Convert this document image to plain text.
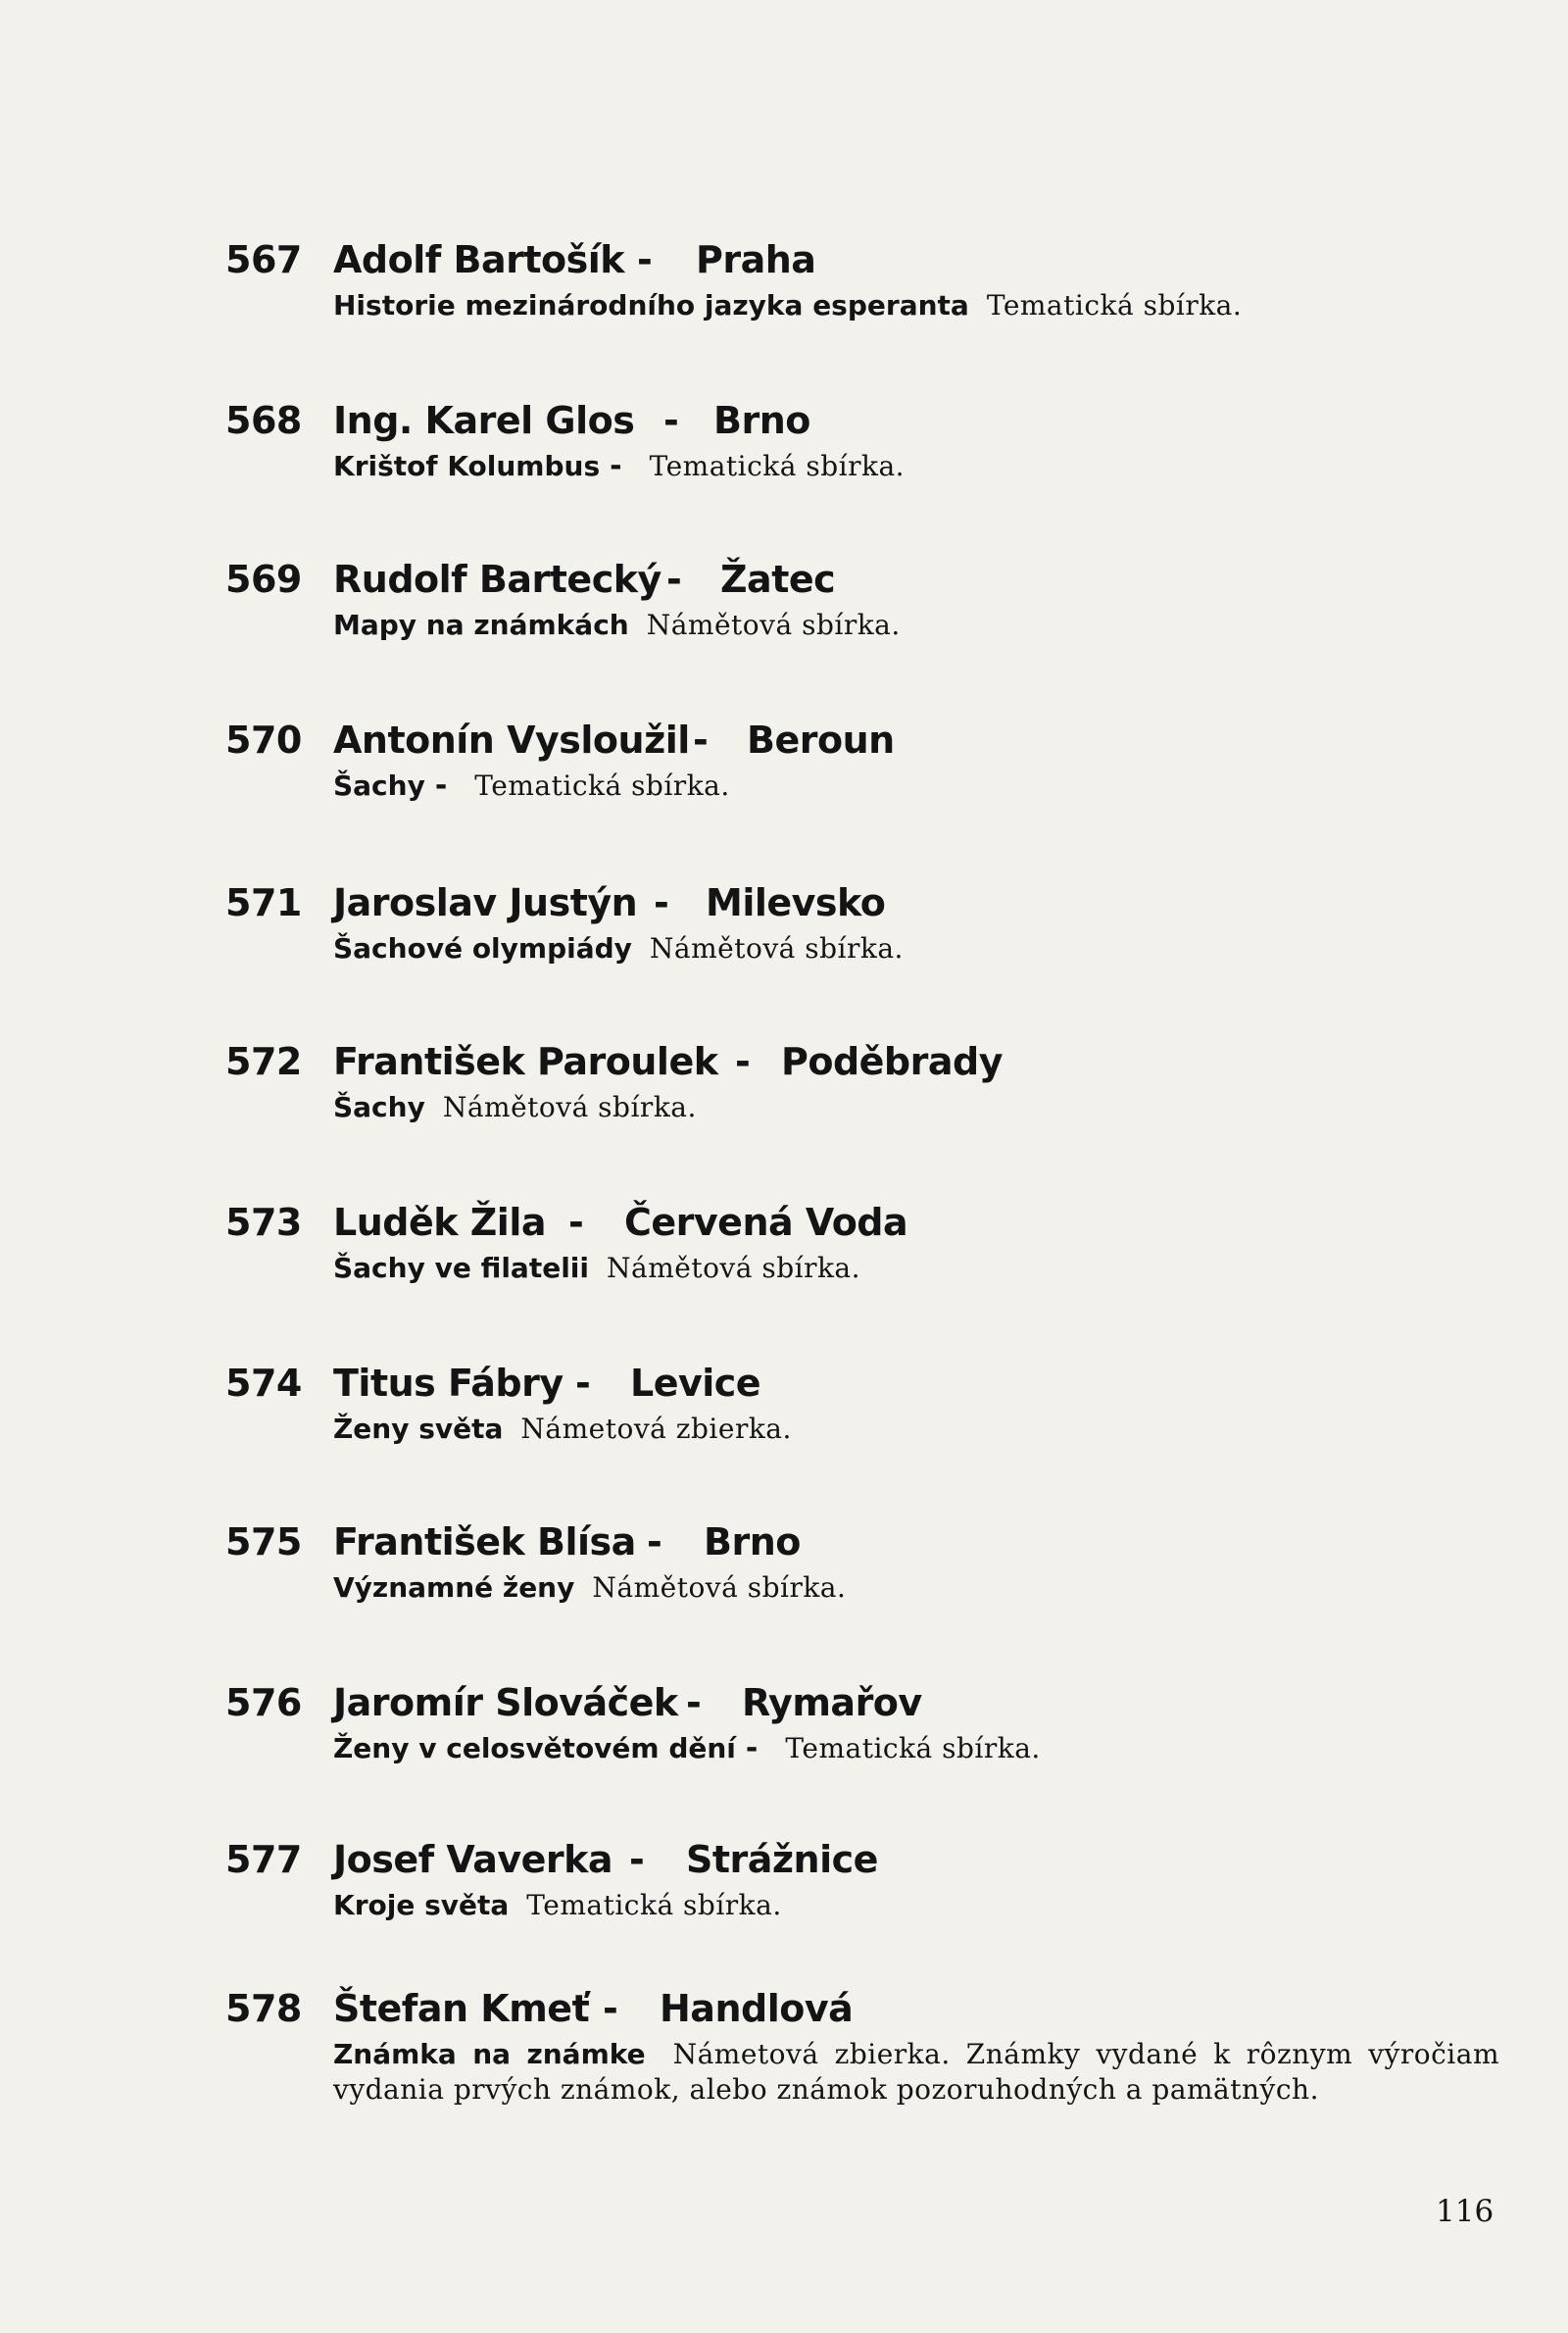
567 Adolf Bartošík - Praha
Historie mezinárodního jazyka esperanta Tematická sbírka.
568 Ing. Karel Glos - Brno
Krištof Kolumbus - Tematická sbírka.
569 Rudolf Bartecký - Žatec
Mapy na známkách Námětová sbírka.
570 Antonín Vysloužil - Beroun
Šachy - Tematická sbírka.
571 Jaroslav Justýn - Milevsko
Šachové olympiády Námětová sbírka.
572 František Paroulek - Poděbrady
Šachy Námětová sbírka.
573 Luděk Žila - Červená Voda
Šachy ve filatelii Námětová sbírka.
574 Titus Fábry - Levice
Ženy světa Námetová zbierka.
575 František Blísa - Brno
Významné ženy Námětová sbírka.
576 Jaromír Slováček - Rymařov
Ženy v celosvětovém dění - Tematická sbírka.
577 Josef Vaverka - Strážnice
Kroje světa Tematická sbírka.
578 Štefan Kmeť - Handlová
Známka na známke Námetová zbierka. Známky vydané k rôznym výročiam vydania prvých známok, alebo známok pozoruhodných a pamätných.
116
